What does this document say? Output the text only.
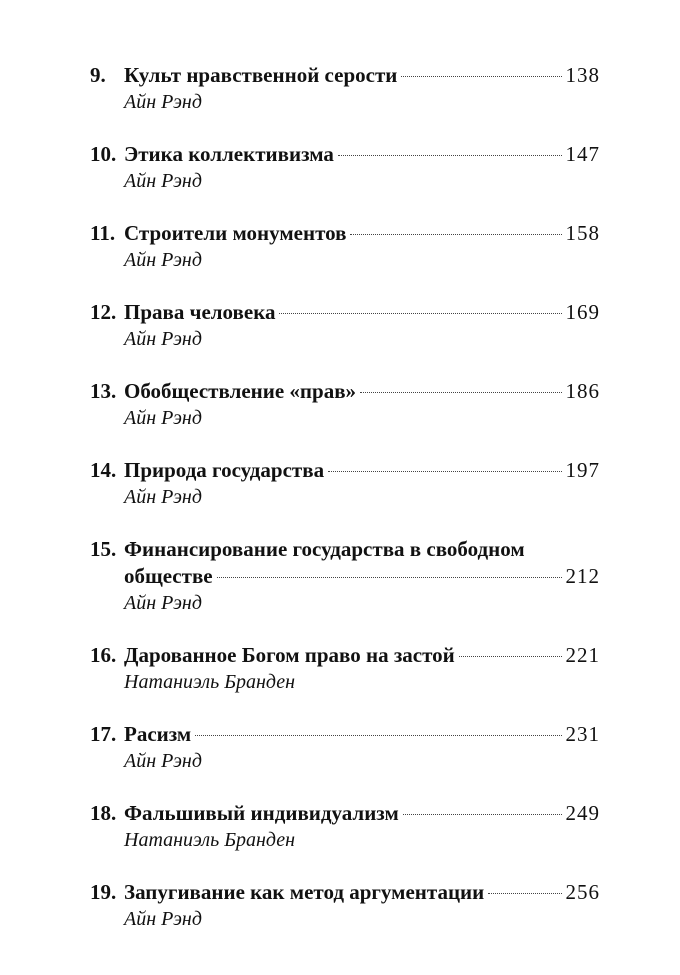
9. Культ нравственной серости	138
Айн Рэнд
10. Этика коллективизма	147
Айн Рэнд
11. Строители монументов	158
Айн Рэнд
12. Права человека	169
Айн Рэнд
13. Обобществление «прав»	186
Айн Рэнд
14. Природа государства	197
Айн Рэнд
15. Финансирование государства в свободном
обществе	212
Айн Рэнд
16. Дарованное Богом право на застой	221
Натаниэль Бранден
17. Расизм	231
Айн Рэнд
18. Фальшивый индивидуализм	249
Натаниэль Бранден
19. Запугивание как метод аргументации	256
Айн Рэнд
